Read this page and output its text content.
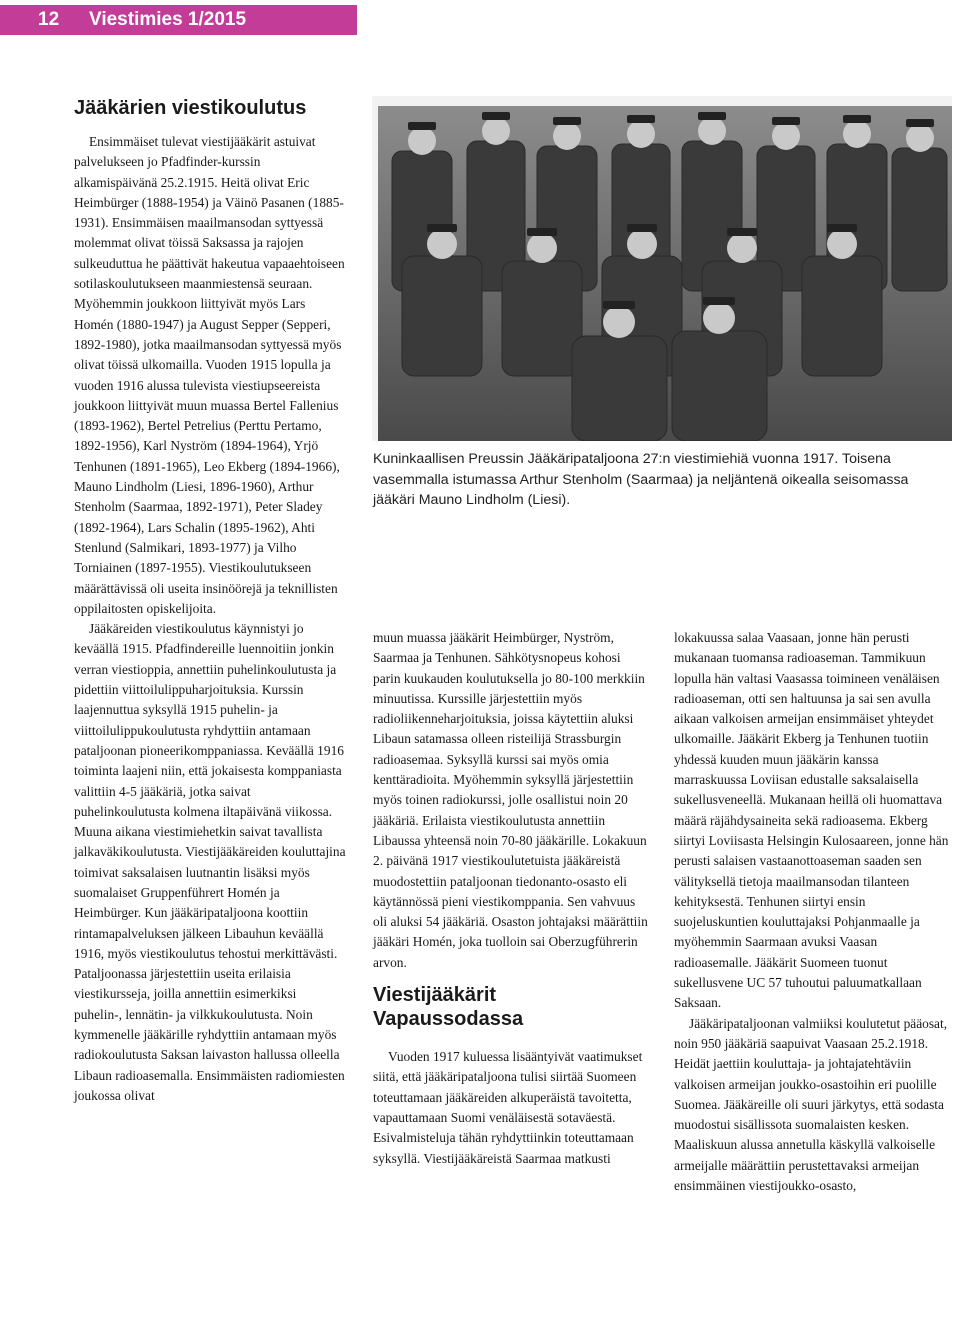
12 Viestimies 1/2015
Jääkärien viestikoulutus

Ensimmäiset tulevat viestijääkärit astuivat palvelukseen jo Pfadfinder-kurssin alkamispäivänä 25.2.1915. Heitä olivat Eric Heimbürger (1888-1954) ja Väinö Pasanen (1885-1931). Ensimmäisen maailmansodan syttyessä molemmat olivat töissä Saksassa ja rajojen sulkeuduttua he päättivät hakeutua vapaaehtoiseen sotilaskoulutukseen maanmiestensä seuraan. Myöhemmin joukkoon liittyivät myös Lars Homén (1880-1947) ja August Sepper (Sepperi, 1892-1980), jotka maailmansodan syttyessä myös olivat töissä ulkomailla. Vuoden 1915 lopulla ja vuoden 1916 alussa tulevista viestiupseereista joukkoon liittyivät muun muassa Bertel Fallenius (1893-1962), Bertel Petrelius (Perttu Pertamo, 1892-1956), Karl Nyström (1894-1964), Yrjö Tenhunen (1891-1965), Leo Ekberg (1894-1966), Mauno Lindholm (Liesi, 1896-1960), Arthur Stenholm (Saarmaa, 1892-1971), Peter Sladey (1892-1964), Lars Schalin (1895-1962), Ahti Stenlund (Salmikari, 1893-1977) ja Vilho Torniainen (1897-1955). Viestikoulutukseen määrättävissä oli useita insinöörejä ja teknillisten oppilaitosten opiskelijoita.

Jääkäreiden viestikoulutus käynnistyi jo keväällä 1915. Pfadfindereille luennoitiin jonkin verran viestioppia, annettiin puhelinkoulutusta ja pidettiin viittoilulippuharjoituksia. Kurssin laajennuttua syksyllä 1915 puhelin- ja viittoilulippukoulutusta ryhdyttiin antamaan pataljoonan pioneerikomppaniassa. Keväällä 1916 toiminta laajeni niin, että jokaisesta komppaniasta valittiin 4-5 jääkäriä, jotka saivat puhelinkoulutusta kolmena iltapäivänä viikossa. Muuna aikana viestimiehetkin saivat tavallista jalkaväkikoulutusta. Viestijääkäreiden kouluttajina toimivat saksalaisen luutnantin lisäksi myös suomalaiset Gruppenführert Homén ja Heimbürger. Kun jääkäripataljoona koottiin rintamapalveluksen jälkeen Libauhun keväällä 1916, myös viestikoulutus tehostui merkittävästi. Pataljoonassa järjestettiin useita erilaisia viestikursseja, joilla annettiin esimerkiksi puhelin-, lennätin- ja vilkkukoulutusta. Noin kymmenelle jääkärille ryhdyttiin antamaan myös radiokoulutusta Saksan laivaston hallussa olleella Libaun radioasemalla. Ensimmäisten radiomiesten joukossa olivat

Kuninkaallisen Preussin Jääkäripataljoona 27:n viestimiehiä vuonna 1917. Toisena vasemmalla istumassa Arthur Stenholm (Saarmaa) ja neljäntenä oikealla seisomassa jääkäri Mauno Lindholm (Liesi).

muun muassa jääkärit Heimbürger, Nyström, Saarmaa ja Tenhunen. Sähkötysnopeus kohosi parin kuukauden koulutuksella jo 80-100 merkkiin minuutissa. Kurssille järjestettiin myös radioliikenneharjoituksia, joissa käytettiin aluksi Libaun satamassa olleen risteilijä Strassburgin radioasemaa. Syksyllä kurssi sai myös omia kenttäradioita. Myöhemmin syksyllä järjestettiin myös toinen radiokurssi, jolle osallistui noin 20 jääkäriä. Erilaista viestikoulutusta annettiin Libaussa yhteensä noin 70-80 jääkärille. Lokakuun 2. päivänä 1917 viestikoulutetuista jääkäreistä muodostettiin pataljoonan tiedonanto-osasto eli käytännössä pieni viestikomppania. Sen vahvuus oli aluksi 54 jääkäriä. Osaston johtajaksi määrättiin jääkäri Homén, joka tuolloin sai Oberzugführerin arvon.

Viestijääkärit
Vapaussodassa

Vuoden 1917 kuluessa lisääntyivät vaatimukset siitä, että jääkäripataljoona tulisi siirtää Suomeen toteuttamaan jääkäreiden alkuperäistä tavoitetta, vapauttamaan Suomi venäläisestä sotaväestä. Esivalmisteluja tähän ryhdyttiinkin toteuttamaan syksyllä. Viestijääkäreistä Saarmaa matkusti

lokakuussa salaa Vaasaan, jonne hän perusti mukanaan tuomansa radioaseman. Tammikuun lopulla hän valtasi Vaasassa toimineen venäläisen radioaseman, otti sen haltuunsa ja sai sen avulla aikaan valkoisen armeijan ensimmäiset yhteydet ulkomaille. Jääkärit Ekberg ja Tenhunen tuotiin yhdessä kuuden muun jääkärin kanssa marraskuussa Loviisan edustalle saksalaisella sukellusveneellä. Mukanaan heillä oli huomattava määrä räjähdysaineita sekä radioasema. Ekberg siirtyi Loviisasta Helsingin Kulosaareen, jonne hän perusti salaisen vastaanottoaseman saaden sen välityksellä tietoja maailmansodan tilanteen kehityksestä. Tenhunen siirtyi ensin suojeluskuntien kouluttajaksi Pohjanmaalle ja myöhemmin Saarmaan avuksi Vaasan radioasemalle. Jääkärit Suomeen tuonut sukellusvene UC 57 tuhoutui paluumatkallaan Saksaan.

Jääkäripataljoonan valmiiksi koulutetut pääosat, noin 950 jääkäriä saapuivat Vaasaan 25.2.1918. Heidät jaettiin kouluttaja- ja johtajatehtäviin valkoisen armeijan joukko-osastoihin eri puolille Suomea. Jääkäreille oli suuri järkytys, että sodasta muodostui sisällissota suomalaisten kesken. Maaliskuun alussa annetulla käskyllä valkoiselle armeijalle määrättiin perustettavaksi armeijan ensimmäinen viestijoukko-osasto,
